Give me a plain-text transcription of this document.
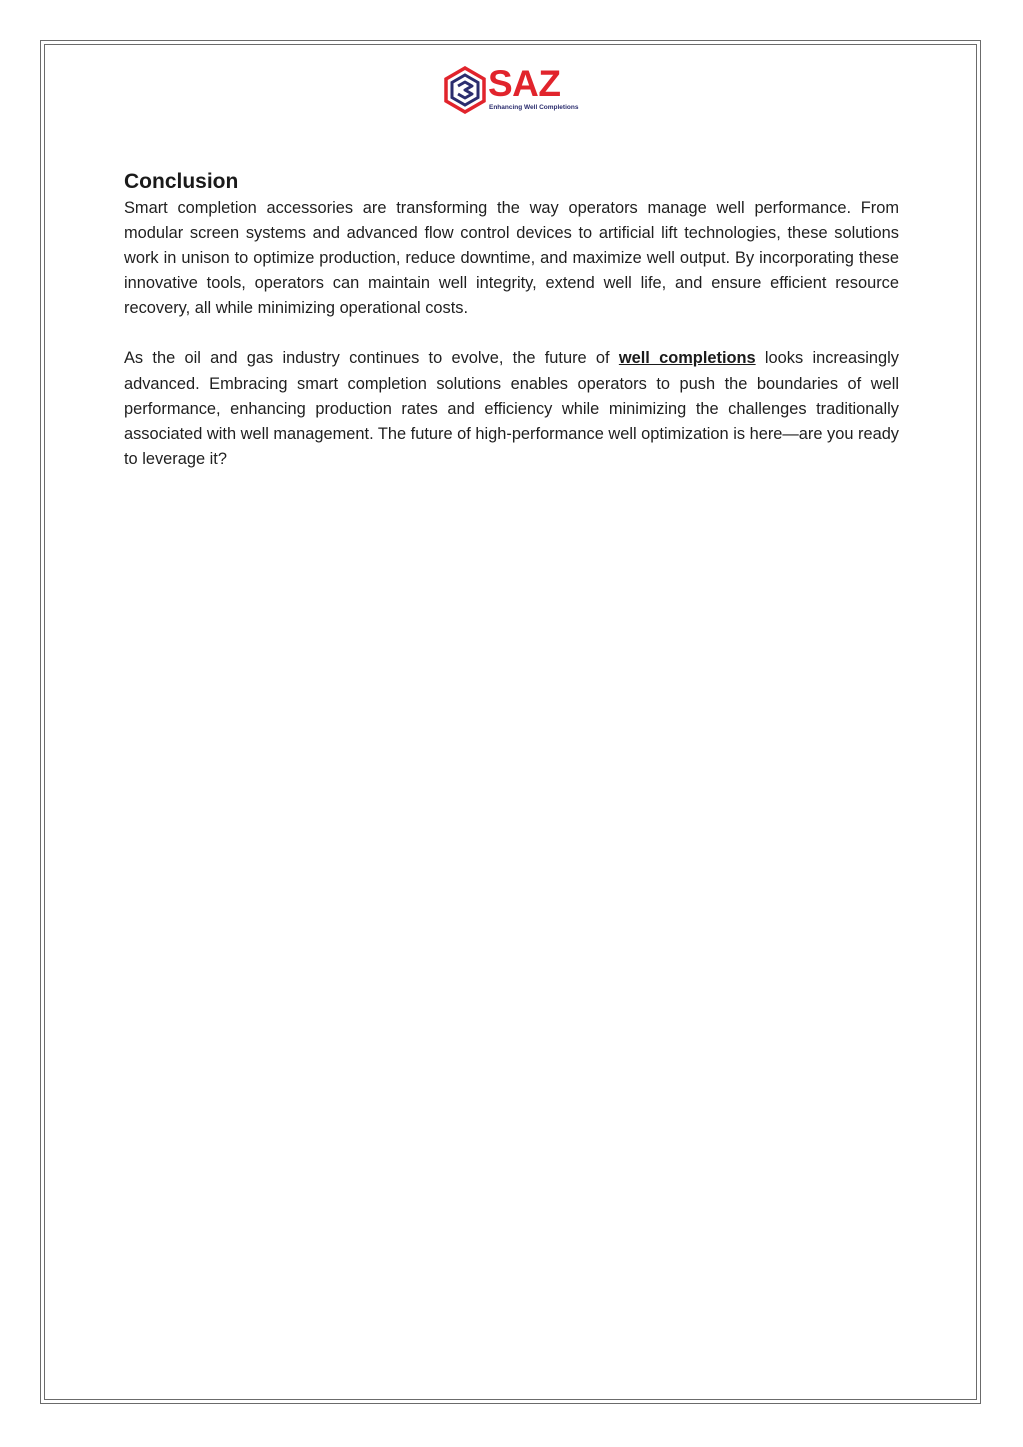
SAZ
Enhancing Well Completions
Conclusion

Smart completion accessories are transforming the way operators manage well performance. From modular screen systems and advanced flow control devices to artificial lift technologies, these solutions work in unison to optimize production, reduce downtime, and maximize well output. By incorporating these innovative tools, operators can maintain well integrity, extend well life, and ensure efficient resource recovery, all while minimizing operational costs.

As the oil and gas industry continues to evolve, the future of well completions looks increasingly advanced. Embracing smart completion solutions enables operators to push the boundaries of well performance, enhancing production rates and efficiency while minimizing the challenges traditionally associated with well management. The future of high-performance well optimization is here—are you ready to leverage it?
